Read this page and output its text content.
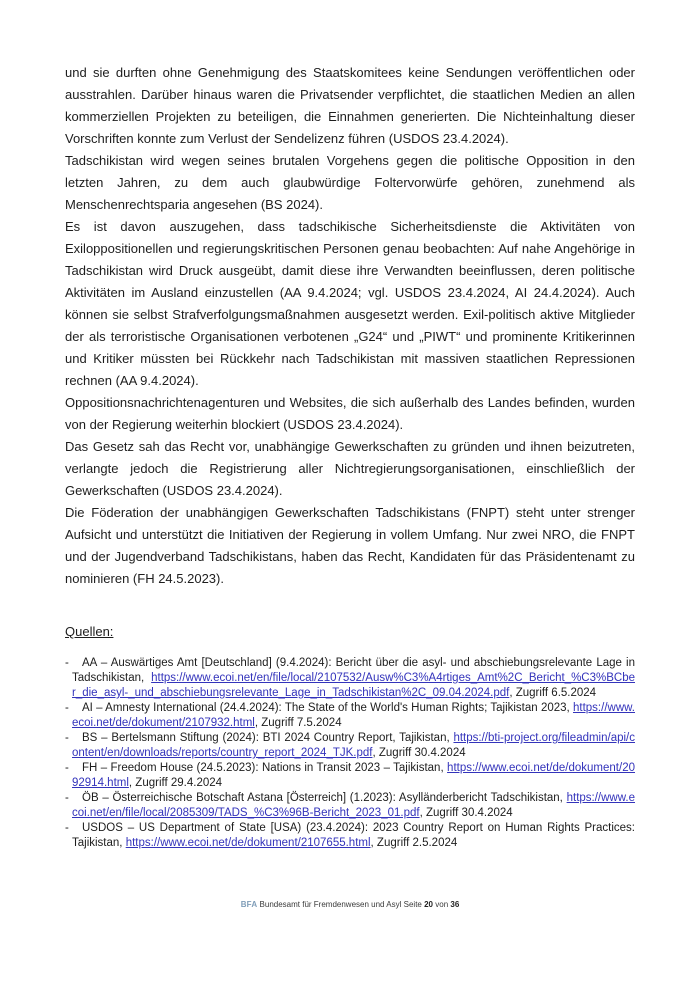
und sie durften ohne Genehmigung des Staatskomitees keine Sendungen veröffentlichen oder ausstrahlen. Darüber hinaus waren die Privatsender verpflichtet, die staatlichen Medien an allen kommerziellen Projekten zu beteiligen, die Einnahmen generierten. Die Nichteinhaltung dieser Vorschriften konnte zum Verlust der Sendelizenz führen (USDOS 23.4.2024).

Tadschikistan wird wegen seines brutalen Vorgehens gegen die politische Opposition in den letzten Jahren, zu dem auch glaubwürdige Foltervorwürfe gehören, zunehmend als Menschenrechtsparia angesehen (BS 2024).

Es ist davon auszugehen, dass tadschikische Sicherheitsdienste die Aktivitäten von Exiloppositionellen und regierungskritischen Personen genau beobachten: Auf nahe Angehörige in Tadschikistan wird Druck ausgeübt, damit diese ihre Verwandten beeinflussen, deren politische Aktivitäten im Ausland einzustellen (AA 9.4.2024; vgl. USDOS 23.4.2024, AI 24.4.2024). Auch können sie selbst Strafverfolgungsmaßnahmen ausgesetzt werden. Exil-politisch aktive Mitglieder der als terroristische Organisationen verbotenen „G24“ und „PIWT“ und prominente Kritikerinnen und Kritiker müssten bei Rückkehr nach Tadschikistan mit massiven staatlichen Repressionen rechnen (AA 9.4.2024).

Oppositionsnachrichtenagenturen und Websites, die sich außerhalb des Landes befinden, wurden von der Regierung weiterhin blockiert (USDOS 23.4.2024).

Das Gesetz sah das Recht vor, unabhängige Gewerkschaften zu gründen und ihnen beizutreten, verlangte jedoch die Registrierung aller Nichtregierungsorganisationen, einschließlich der Gewerkschaften (USDOS 23.4.2024).

Die Föderation der unabhängigen Gewerkschaften Tadschikistans (FNPT) steht unter strenger Aufsicht und unterstützt die Initiativen der Regierung in vollem Umfang. Nur zwei NRO, die FNPT und der Jugendverband Tadschikistans, haben das Recht, Kandidaten für das Präsidentenamt zu nominieren (FH 24.5.2023).

Quellen:

- AA – Auswärtiges Amt [Deutschland] (9.4.2024): Bericht über die asyl- und abschiebungsrelevante Lage in Tadschikistan, https://www.ecoi.net/en/file/local/2107532/Ausw%C3%A4rtiges_Amt%2C_Bericht_%C3%BCber_die_asyl-_und_abschiebungsrelevante_Lage_in_Tadschikistan%2C_09.04.2024.pdf, Zugriff 6.5.2024
- AI – Amnesty International (24.4.2024): The State of the World's Human Rights; Tajikistan 2023, https://www.ecoi.net/de/dokument/2107932.html, Zugriff 7.5.2024
- BS – Bertelsmann Stiftung (2024): BTI 2024 Country Report, Tajikistan, https://bti-project.org/fileadmin/api/content/en/downloads/reports/country_report_2024_TJK.pdf, Zugriff 30.4.2024
- FH – Freedom House (24.5.2023): Nations in Transit 2023 – Tajikistan, https://www.ecoi.net/de/dokument/2092914.html, Zugriff 29.4.2024
- ÖB – Österreichische Botschaft Astana [Österreich] (1.2023): Asylländerbericht Tadschikistan, https://www.ecoi.net/en/file/local/2085309/TADS_%C3%96B-Bericht_2023_01.pdf, Zugriff 30.4.2024
- USDOS – US Department of State [USA) (23.4.2024): 2023 Country Report on Human Rights Practices: Tajikistan, https://www.ecoi.net/de/dokument/2107655.html, Zugriff 2.5.2024
BFA Bundesamt für Fremdenwesen und Asyl Seite 20 von 36
